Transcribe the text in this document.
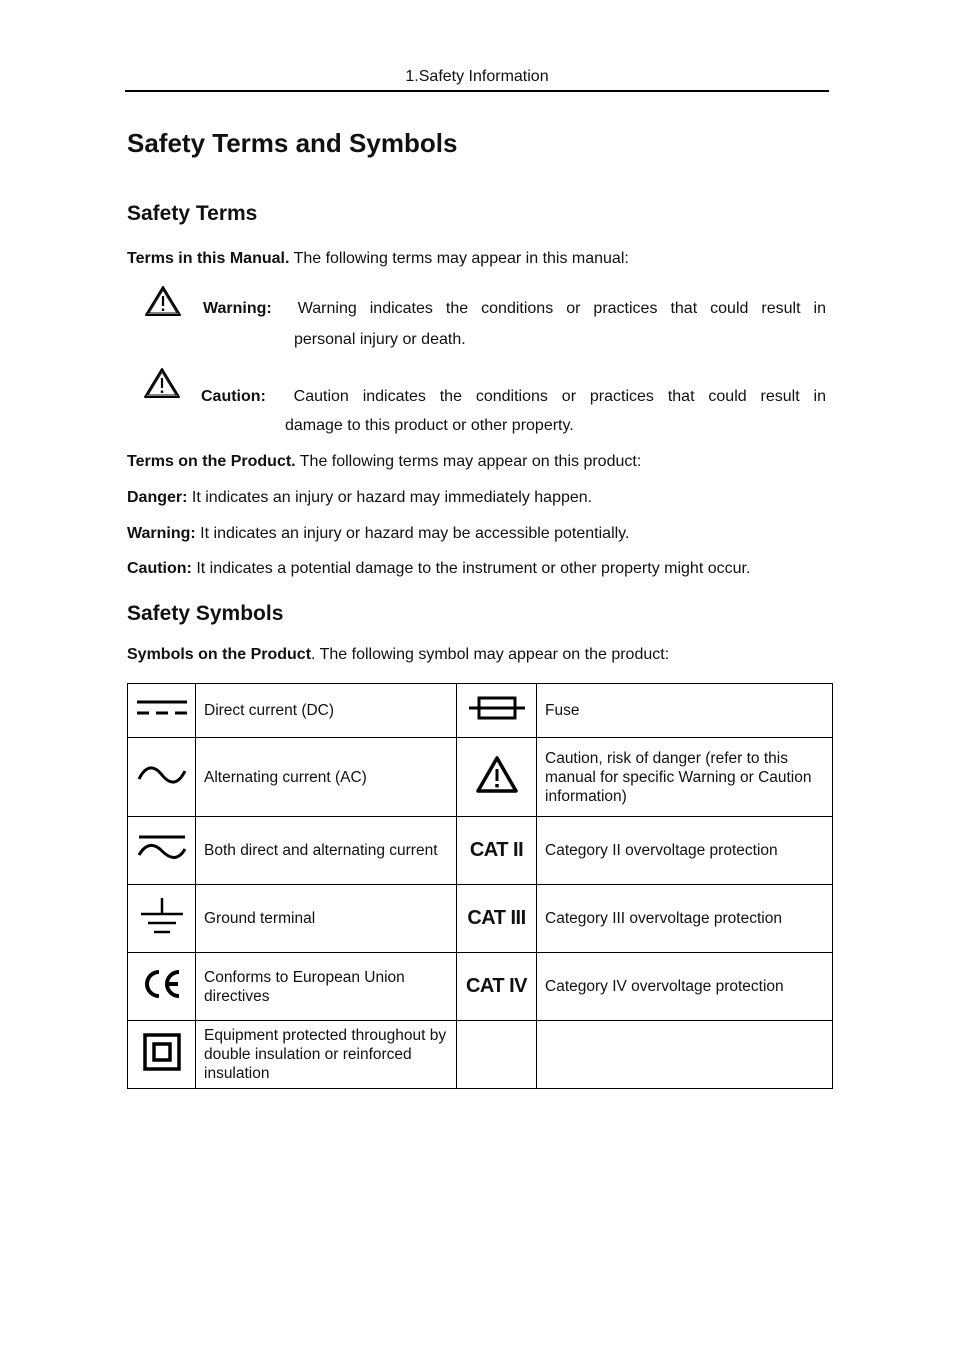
1.Safety Information
Safety Terms and Symbols
Safety Terms

Terms in this Manual. The following terms may appear in this manual:

Warning: Warning indicates the conditions or practices that could result in

personal injury or death.

Caution: Caution indicates the conditions or practices that could result in

damage to this product or other property.

Terms on the Product. The following terms may appear on this product:

Danger: It indicates an injury or hazard may immediately happen.

Warning: It indicates an injury or hazard may be accessible potentially.

Caution: It indicates a potential damage to the instrument or other property might occur.

Safety Symbols

Symbols on the Product. The following symbol may appear on the product:

	Direct current (DC)		Fuse
	Alternating current (AC)		Caution, risk of danger (refer to this manual for specific Warning or Caution information)
	Both direct and alternating current	CAT II	Category II overvoltage protection
	Ground terminal	CAT III	Category III overvoltage protection
	Conforms to European Union directives	CAT IV	Category IV overvoltage protection
	Equipment protected throughout by double insulation or reinforced insulation		
